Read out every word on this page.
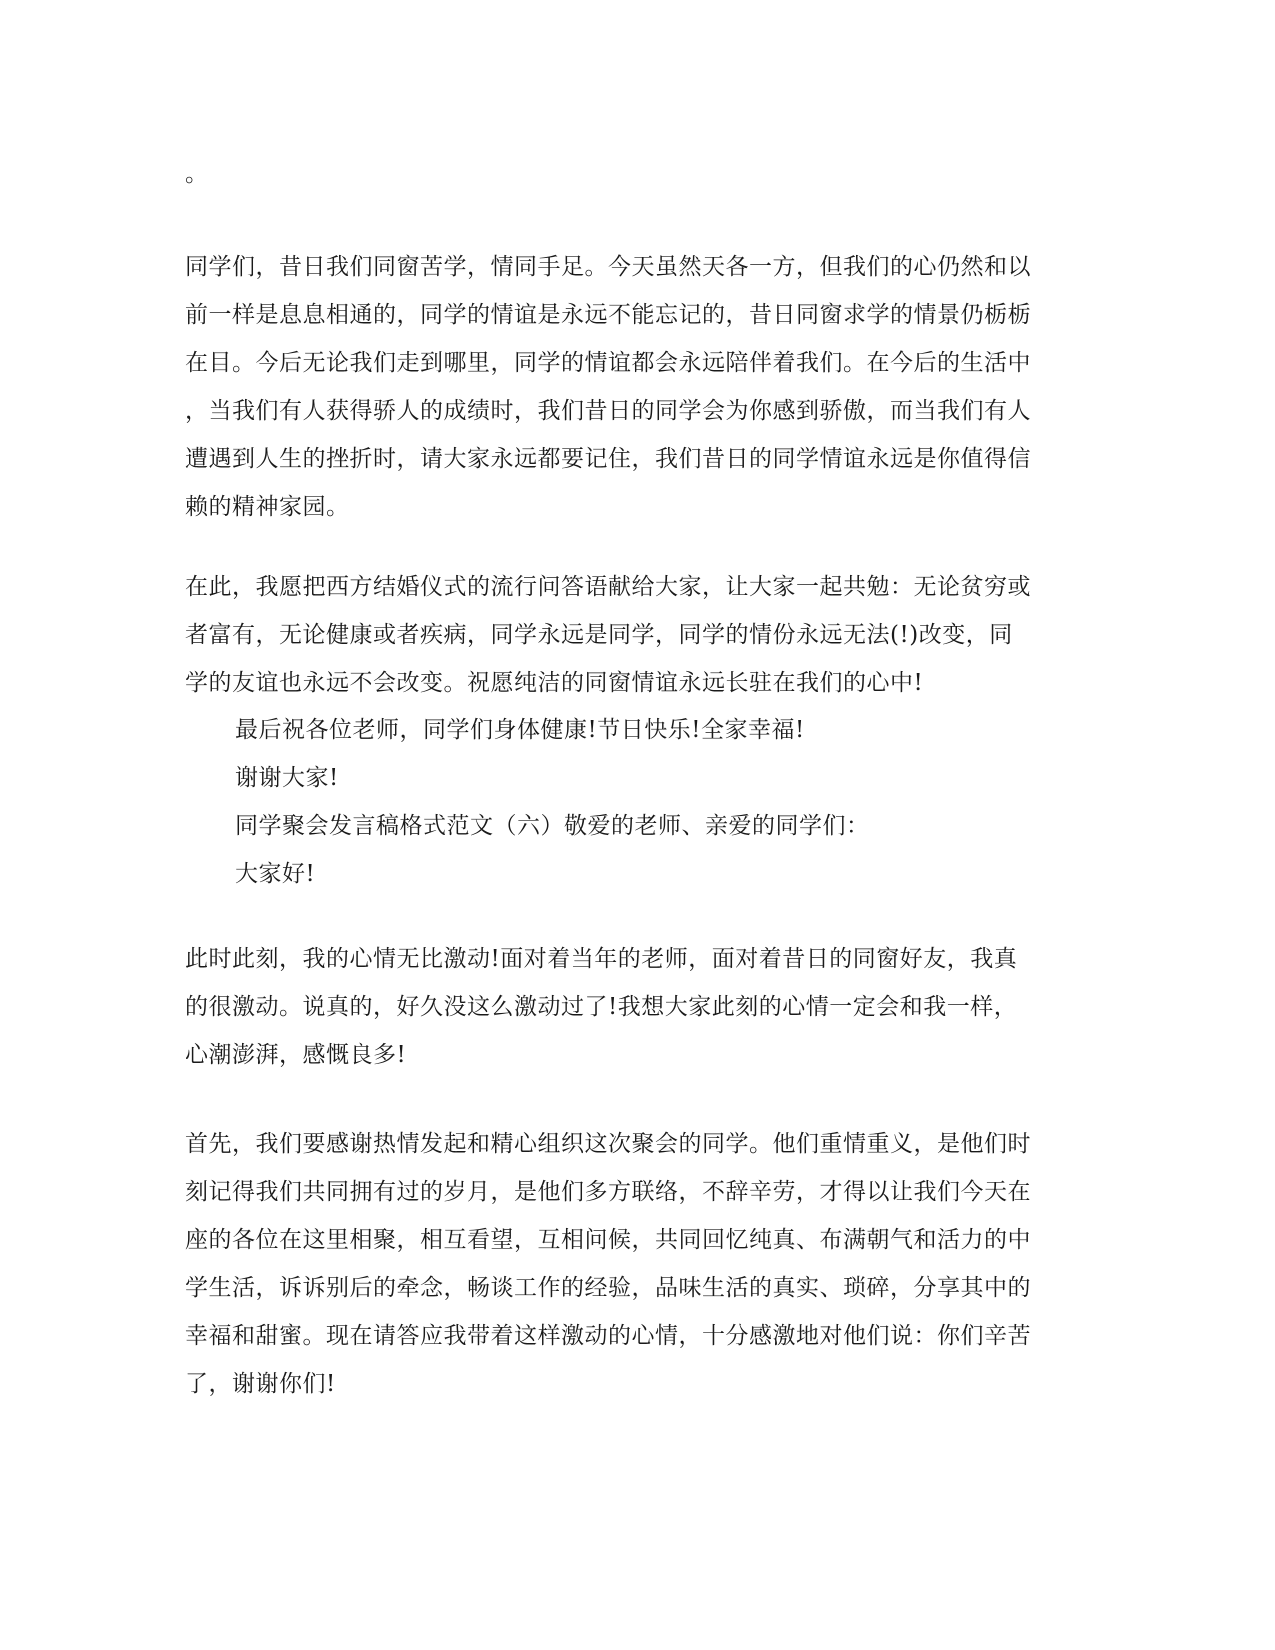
。
同学们，昔日我们同窗苦学，情同手足。今天虽然天各一方，但我们的心仍然和以
前一样是息息相通的，同学的情谊是永远不能忘记的，昔日同窗求学的情景仍栃栃
在目。今后无论我们走到哪里，同学的情谊都会永远陪伴着我们。在今后的生活中
，当我们有人获得骄人的成绩时，我们昔日的同学会为你感到骄傲，而当我们有人
遭遇到人生的挫折时，请大家永远都要记住，我们昔日的同学情谊永远是你值得信
赖的精神家园。
在此，我愿把西方结婚仪式的流行问答语献给大家，让大家一起共勉：无论贫穷或
者富有，无论健康或者疾病，同学永远是同学，同学的情份永远无法(!)改变，同
学的友谊也永远不会改变。祝愿纯洁的同窗情谊永远长驻在我们的心中!
最后祝各位老师，同学们身体健康!节日快乐!全家幸福!
谢谢大家!
同学聚会发言稿格式范文（六）敬爱的老师、亲爱的同学们：
大家好!
此时此刻，我的心情无比激动!面对着当年的老师，面对着昔日的同窗好友，我真
的很激动。说真的，好久没这么激动过了!我想大家此刻的心情一定会和我一样，
心潮澎湃，感慨良多!
首先，我们要感谢热情发起和精心组织这次聚会的同学。他们重情重义，是他们时
刻记得我们共同拥有过的岁月，是他们多方联络，不辞辛劳，才得以让我们今天在
座的各位在这里相聚，相互看望，互相问候，共同回忆纯真、布满朝气和活力的中
学生活，诉诉别后的牵念，畅谈工作的经验，品味生活的真实、琐碎，分享其中的
幸福和甜蜜。现在请答应我带着这样激动的心情，十分感激地对他们说：你们辛苦
了，谢谢你们!
